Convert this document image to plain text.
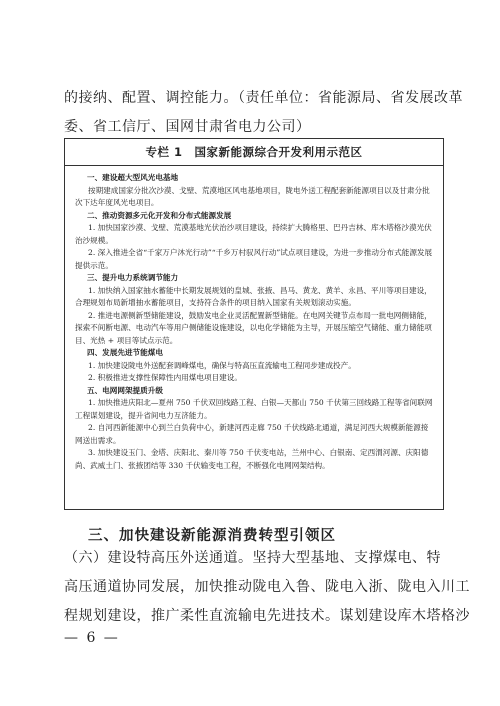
的接纳、配置、调控能力。（责任单位：省能源局、省发展改革

委、省工信厅、国网甘肃省电力公司）

专栏 1　国家新能源综合开发利用示范区

一、建设超大型风光电基地

按期建成国家分批次沙漠、戈壁、荒漠地区风电基地项目，陇电外送工程配套新能源项目以及甘肃分批次下达年度风光电项目。

二、推动资源多元化开发和分布式能源发展

1. 加快国家沙漠、戈壁、荒漠基地光伏治沙项目建设，持续扩大腾格里、巴丹吉林、库木塔格沙漠光伏治沙规模。

2. 深入推进全省“千家万户沐光行动”“千乡万村驭风行动”试点项目建设，为进一步推动分布式能源发展提供示范。

三、提升电力系统调节能力

1. 加快纳入国家抽水蓄能中长期发展规划的皇城、张掖、昌马、黄龙、黄羊、永昌、平川等项目建设，合理规划布局新增抽水蓄能项目，支持符合条件的项目纳入国家有关规划滚动实施。

2. 推进电源侧新型储能建设，鼓励发电企业灵活配置新型储能。在电网关键节点布局一批电网侧储能，探索不间断电源、电动汽车等用户侧储能设施建设，以电化学储能为主导，开展压缩空气储能、重力储能项目、光热 + 项目等试点示范。

四、发展先进节能煤电

1. 加快建设陇电外送配套调峰煤电，确保与特高压直流输电工程同步建成投产。

2. 积极推进支撑性保障性内用煤电项目建设。

五、电网网架提质升级

1. 加快推进庆阳北—夏州 750 千伏双回线路工程、白银—天都山 750 千伏第三回线路工程等省间联网工程谋划建设，提升省间电力互济能力。

2. 自河西新能源中心到兰白负荷中心，新建河西走廊 750 千伏线路北通道，满足河西大规模新能源接网送出需求。

3. 加快建设玉门、金塔、庆阳北、秦川等 750 千伏变电站，兰州中心、白银南、定西渭河源、庆阳德尚、武威土门、张掖团结等 330 千伏输变电工程，不断强化电网网架结构。

三、加快建设新能源消费转型引领区

（六）建设特高压外送通道。坚持大型基地、支撑煤电、特

高压通道协同发展，加快推动陇电入鲁、陇电入浙、陇电入川工

程规划建设，推广柔性直流输电先进技术。谋划建设库木塔格沙

— 6 —
